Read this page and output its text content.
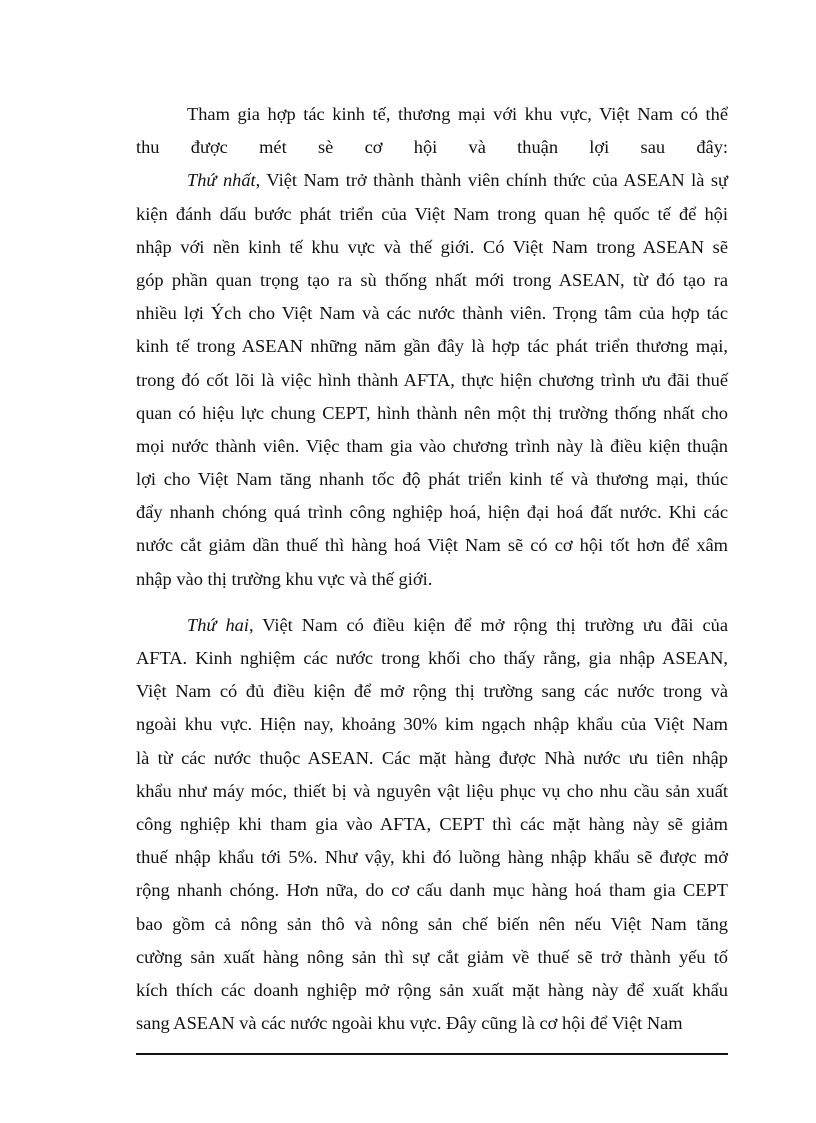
Tham gia hợp tác kinh tế, thương mại với khu vực, Việt Nam có thể
thu được mét sè cơ hội và thuận lợi sau đây:
Thứ nhất, Việt Nam trở thành thành viên chính thức của ASEAN là sự
kiện đánh dấu bước phát triển của Việt Nam trong quan hệ quốc tế để hội
nhập với nền kinh tế khu vực và thế giới. Có Việt Nam trong ASEAN sẽ
góp phần quan trọng tạo ra sù thống nhất mới trong ASEAN, từ đó tạo ra
nhiều lợi Ých cho Việt Nam và các nước thành viên. Trọng tâm của hợp tác
kinh tế trong ASEAN những năm gần đây là hợp tác phát triển thương mại,
trong đó cốt lõi là việc hình thành AFTA, thực hiện chương trình ưu đãi thuế
quan có hiệu lực chung CEPT, hình thành nên một thị trường thống nhất cho
mọi nước thành viên. Việc tham gia vào chương trình này là điều kiện thuận
lợi cho Việt Nam tăng nhanh tốc độ phát triển kinh tế và thương mại, thúc
đẩy nhanh chóng quá trình công nghiệp hoá, hiện đại hoá đất nước. Khi các
nước cắt giảm dần thuế thì hàng hoá Việt Nam sẽ có cơ hội tốt hơn để xâm
nhập vào thị trường khu vực và thế giới.
Thứ hai, Việt Nam có điều kiện để mở rộng thị trường ưu đãi của
AFTA. Kinh nghiệm các nước trong khối cho thấy rằng, gia nhập ASEAN,
Việt Nam có đủ điều kiện để mở rộng thị trường sang các nước trong và
ngoài khu vực. Hiện nay, khoảng 30% kim ngạch nhập khẩu của Việt Nam
là từ các nước thuộc ASEAN. Các mặt hàng được Nhà nước ưu tiên nhập
khẩu như máy móc, thiết bị và nguyên vật liệu phục vụ cho nhu cầu sản xuất
công nghiệp khi tham gia vào AFTA, CEPT thì các mặt hàng này sẽ giảm
thuế nhập khẩu tới 5%. Như vậy, khi đó luồng hàng nhập khẩu sẽ được mở
rộng nhanh chóng. Hơn nữa, do cơ cấu danh mục hàng hoá tham gia CEPT
bao gồm cả nông sản thô và nông sản chế biến nên nếu Việt Nam tăng
cường sản xuất hàng nông sản thì sự cắt giảm về thuế sẽ trở thành yếu tố
kích thích các doanh nghiệp mở rộng sản xuất mặt hàng này để xuất khẩu
sang ASEAN và các nước ngoài khu vực. Đây cũng là cơ hội để Việt Nam
